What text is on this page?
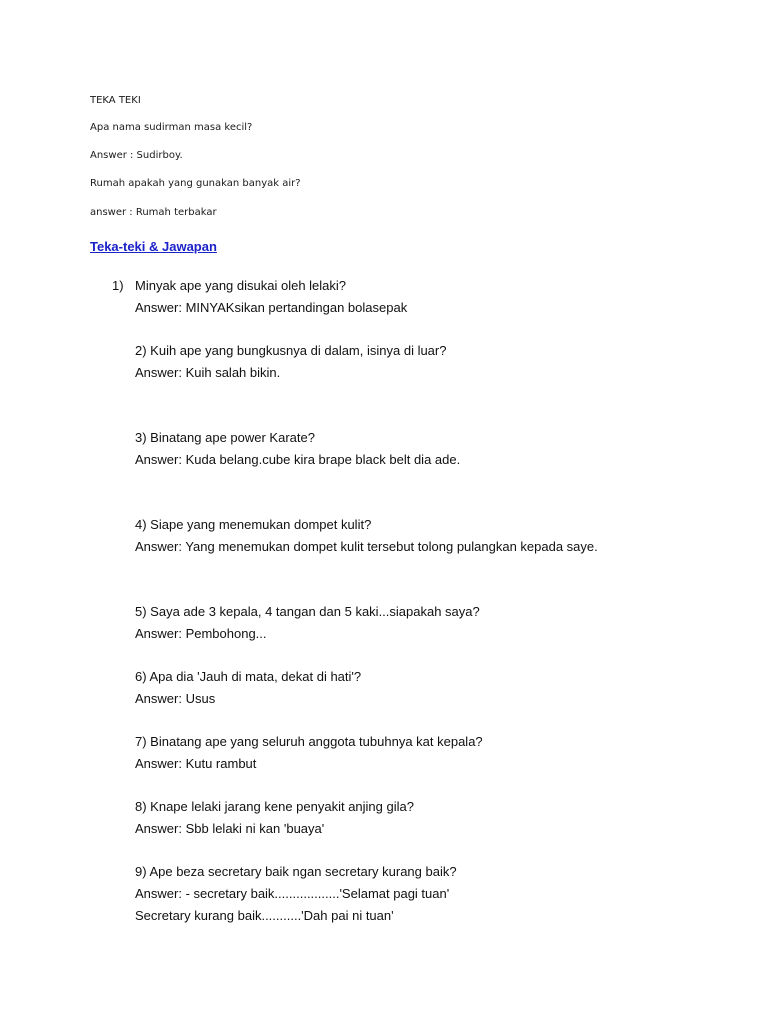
TEKA TEKI
Apa nama sudirman masa kecil?
Answer : Sudirboy.
Rumah apakah yang gunakan banyak air?
answer : Rumah terbakar
Teka-teki & Jawapan
1) Minyak ape yang disukai oleh lelaki?
Answer: MINYAKsikan pertandingan bolasepak
2) Kuih ape yang bungkusnya di dalam, isinya di luar?
Answer: Kuih salah bikin.
3) Binatang ape power Karate?
Answer: Kuda belang.cube kira brape black belt dia ade.
4) Siape yang menemukan dompet kulit?
Answer: Yang menemukan dompet kulit tersebut tolong pulangkan kepada saye.
5) Saya ade 3 kepala, 4 tangan dan 5 kaki...siapakah saya?
Answer: Pembohong...
6) Apa dia 'Jauh di mata, dekat di hati'?
Answer: Usus
7) Binatang ape yang seluruh anggota tubuhnya kat kepala?
Answer: Kutu rambut
8) Knape lelaki jarang kene penyakit anjing gila?
Answer: Sbb lelaki ni kan 'buaya'
9) Ape beza secretary baik ngan secretary kurang baik?
Answer: - secretary baik..................'Selamat pagi tuan'
Secretary kurang baik...........'Dah pai ni tuan'
